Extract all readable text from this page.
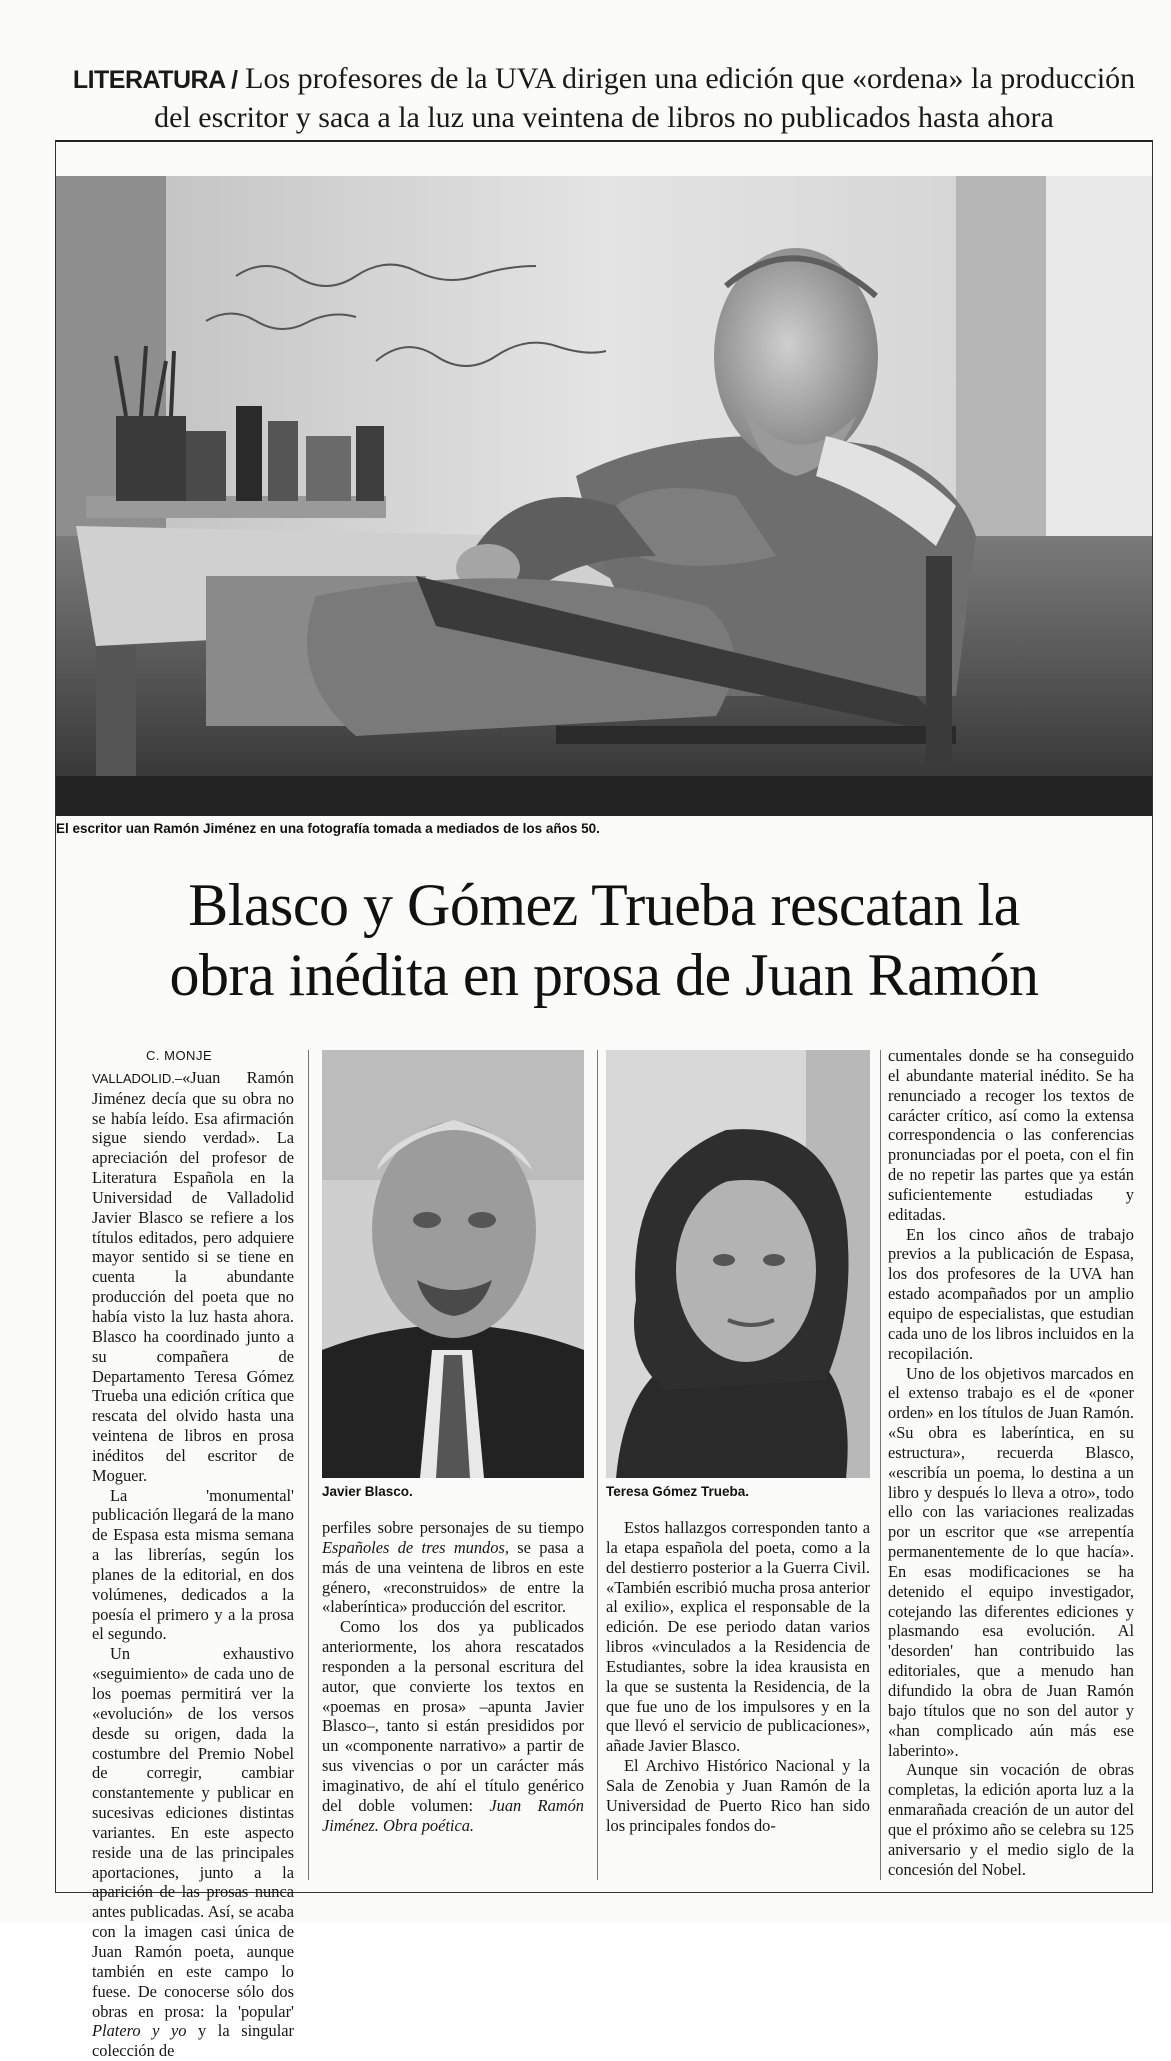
LITERATURA / Los profesores de la UVA dirigen una edición que «ordena» la producción
del escritor y saca a la luz una veintena de libros no publicados hasta ahora
El escritor uan Ramón Jiménez en una fotografía tomada a mediados de los años 50.
Blasco y Gómez Trueba rescatan la
obra inédita en prosa de Juan Ramón
C. MONJE

VALLADOLID.–«Juan Ramón Jiménez decía que su obra no se había leído. Esa afirmación sigue siendo verdad». La apreciación del profesor de Literatura Española en la Universidad de Valladolid Javier Blasco se refiere a los títulos editados, pero adquiere mayor sentido si se tiene en cuenta la abundante producción del poeta que no había visto la luz hasta ahora. Blasco ha coordinado junto a su compañera de Departamento Teresa Gómez Trueba una edición crítica que rescata del olvido hasta una veintena de libros en prosa inéditos del escritor de Moguer.

La 'monumental' publicación llegará de la mano de Espasa esta misma semana a las librerías, según los planes de la editorial, en dos volúmenes, dedicados a la poesía el primero y a la prosa el segundo.

Un exhaustivo «seguimiento» de cada uno de los poemas permitirá ver la «evolución» de los versos desde su origen, dada la costumbre del Premio Nobel de corregir, cambiar constantemente y publicar en sucesivas ediciones distintas variantes. En este aspecto reside una de las principales aportaciones, junto a la aparición de las prosas nunca antes publicadas. Así, se acaba con la imagen casi única de Juan Ramón poeta, aunque también en este campo lo fuese. De conocerse sólo dos obras en prosa: la 'popular' Platero y yo y la singular colección de

Javier Blasco.

perfiles sobre personajes de su tiempo Españoles de tres mundos, se pasa a más de una veintena de libros en este género, «reconstruidos» de entre la «laberíntica» producción del escritor.

Como los dos ya publicados anteriormente, los ahora rescatados responden a la personal escritura del autor, que convierte los textos en «poemas en prosa» –apunta Javier Blasco–, tanto si están presididos por un «componente narrativo» a partir de sus vivencias o por un carácter más imaginativo, de ahí el título genérico del doble volumen: Juan Ramón Jiménez. Obra poética.

Teresa Gómez Trueba.

Estos hallazgos corresponden tanto a la etapa española del poeta, como a la del destierro posterior a la Guerra Civil. «También escribió mucha prosa anterior al exilio», explica el responsable de la edición. De ese periodo datan varios libros «vinculados a la Residencia de Estudiantes, sobre la idea krausista en la que se sustenta la Residencia, de la que fue uno de los impulsores y en la que llevó el servicio de publicaciones», añade Javier Blasco.

El Archivo Histórico Nacional y la Sala de Zenobia y Juan Ramón de la Universidad de Puerto Rico han sido los principales fondos do-

cumentales donde se ha conseguido el abundante material inédito. Se ha renunciado a recoger los textos de carácter crítico, así como la extensa correspondencia o las conferencias pronunciadas por el poeta, con el fin de no repetir las partes que ya están suficientemente estudiadas y editadas.

En los cinco años de trabajo previos a la publicación de Espasa, los dos profesores de la UVA han estado acompañados por un amplio equipo de especialistas, que estudian cada uno de los libros incluidos en la recopilación.

Uno de los objetivos marcados en el extenso trabajo es el de «poner orden» en los títulos de Juan Ramón. «Su obra es laberíntica, en su estructura», recuerda Blasco, «escribía un poema, lo destina a un libro y después lo lleva a otro», todo ello con las variaciones realizadas por un escritor que «se arrepentía permanentemente de lo que hacía». En esas modificaciones se ha detenido el equipo investigador, cotejando las diferentes ediciones y plasmando esa evolución. Al 'desorden' han contribuido las editoriales, que a menudo han difundido la obra de Juan Ramón bajo títulos que no son del autor y «han complicado aún más ese laberinto».

Aunque sin vocación de obras completas, la edición aporta luz a la enmarañada creación de un autor del que el próximo año se celebra su 125 aniversario y el medio siglo de la concesión del Nobel.
